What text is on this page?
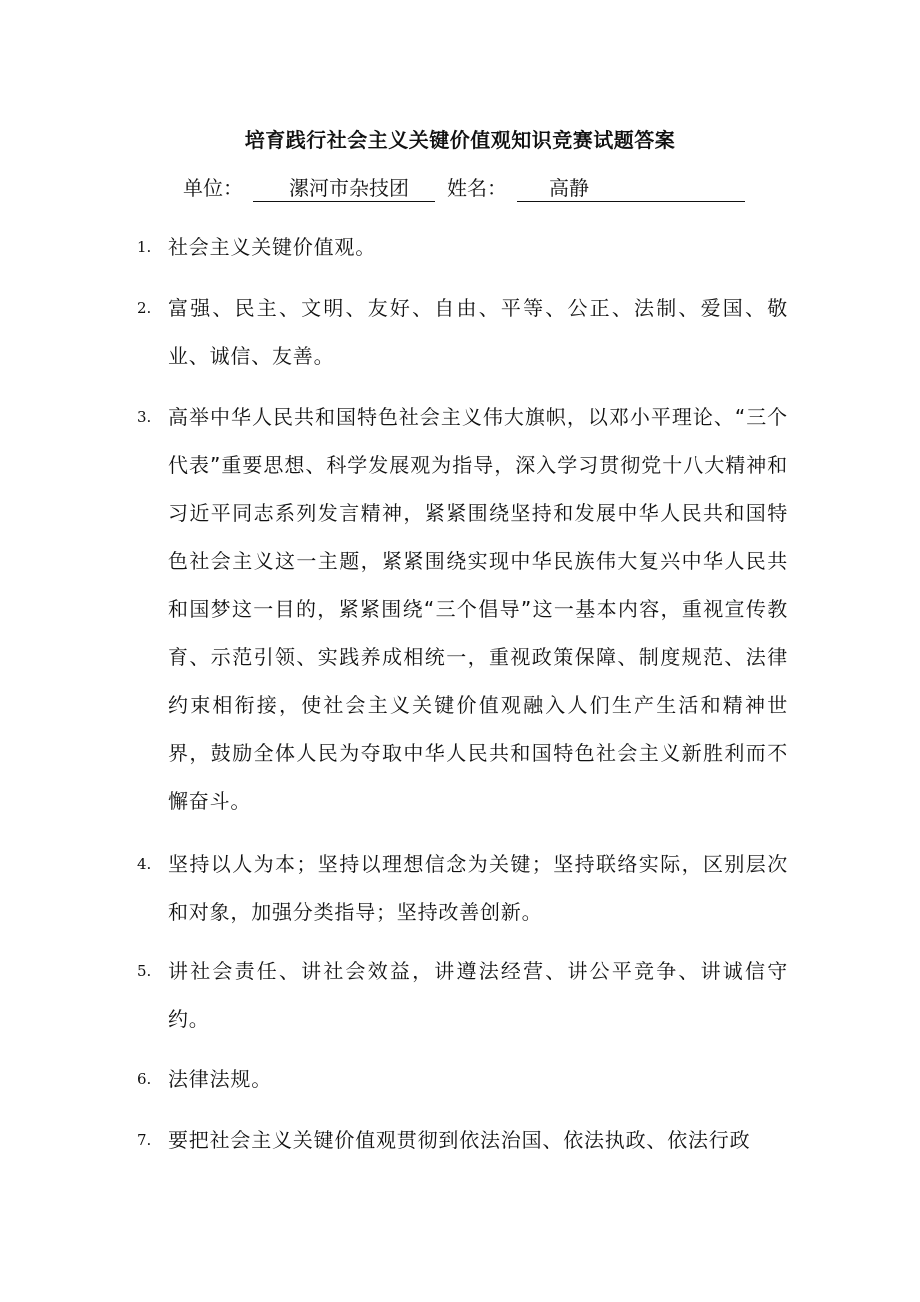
培育践行社会主义关键价值观知识竞赛试题答案
单位：	漯河市杂技团	姓名：	高静
1. 社会主义关键价值观。
2. 富强、民主、文明、友好、自由、平等、公正、法制、爱国、敬业、诚信、友善。
3. 高举中华人民共和国特色社会主义伟大旗帜，以邓小平理论、“三个代表”重要思想、科学发展观为指导，深入学习贯彻党十八大精神和习近平同志系列发言精神，紧紧围绕坚持和发展中华人民共和国特色社会主义这一主题，紧紧围绕实现中华民族伟大复兴中华人民共和国梦这一目的，紧紧围绕“三个倡导”这一基本内容，重视宣传教育、示范引领、实践养成相统一，重视政策保障、制度规范、法律约束相衔接，使社会主义关键价值观融入人们生产生活和精神世界，鼓励全体人民为夺取中华人民共和国特色社会主义新胜利而不懈奋斗。
4. 坚持以人为本；坚持以理想信念为关键；坚持联络实际，区别层次和对象，加强分类指导；坚持改善创新。
5. 讲社会责任、讲社会效益，讲遵法经营、讲公平竞争、讲诚信守约。
6. 法律法规。
7. 要把社会主义关键价值观贯彻到依法治国、依法执政、依法行政
